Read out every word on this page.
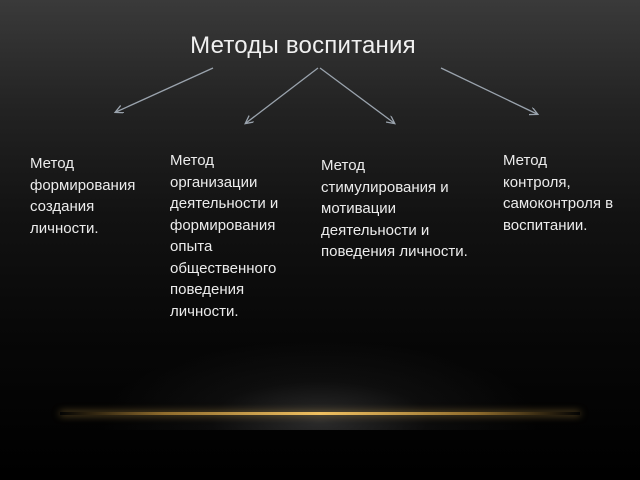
Методы воспитания
Метод
формирования
создания
личности.
Метод
организации
деятельности и
формирования
опыта
общественного
поведения
личности.
Метод
стимулирования и
мотивации
деятельности и
поведения личности.
Метод
контроля,
самоконтроля в
воспитании.
